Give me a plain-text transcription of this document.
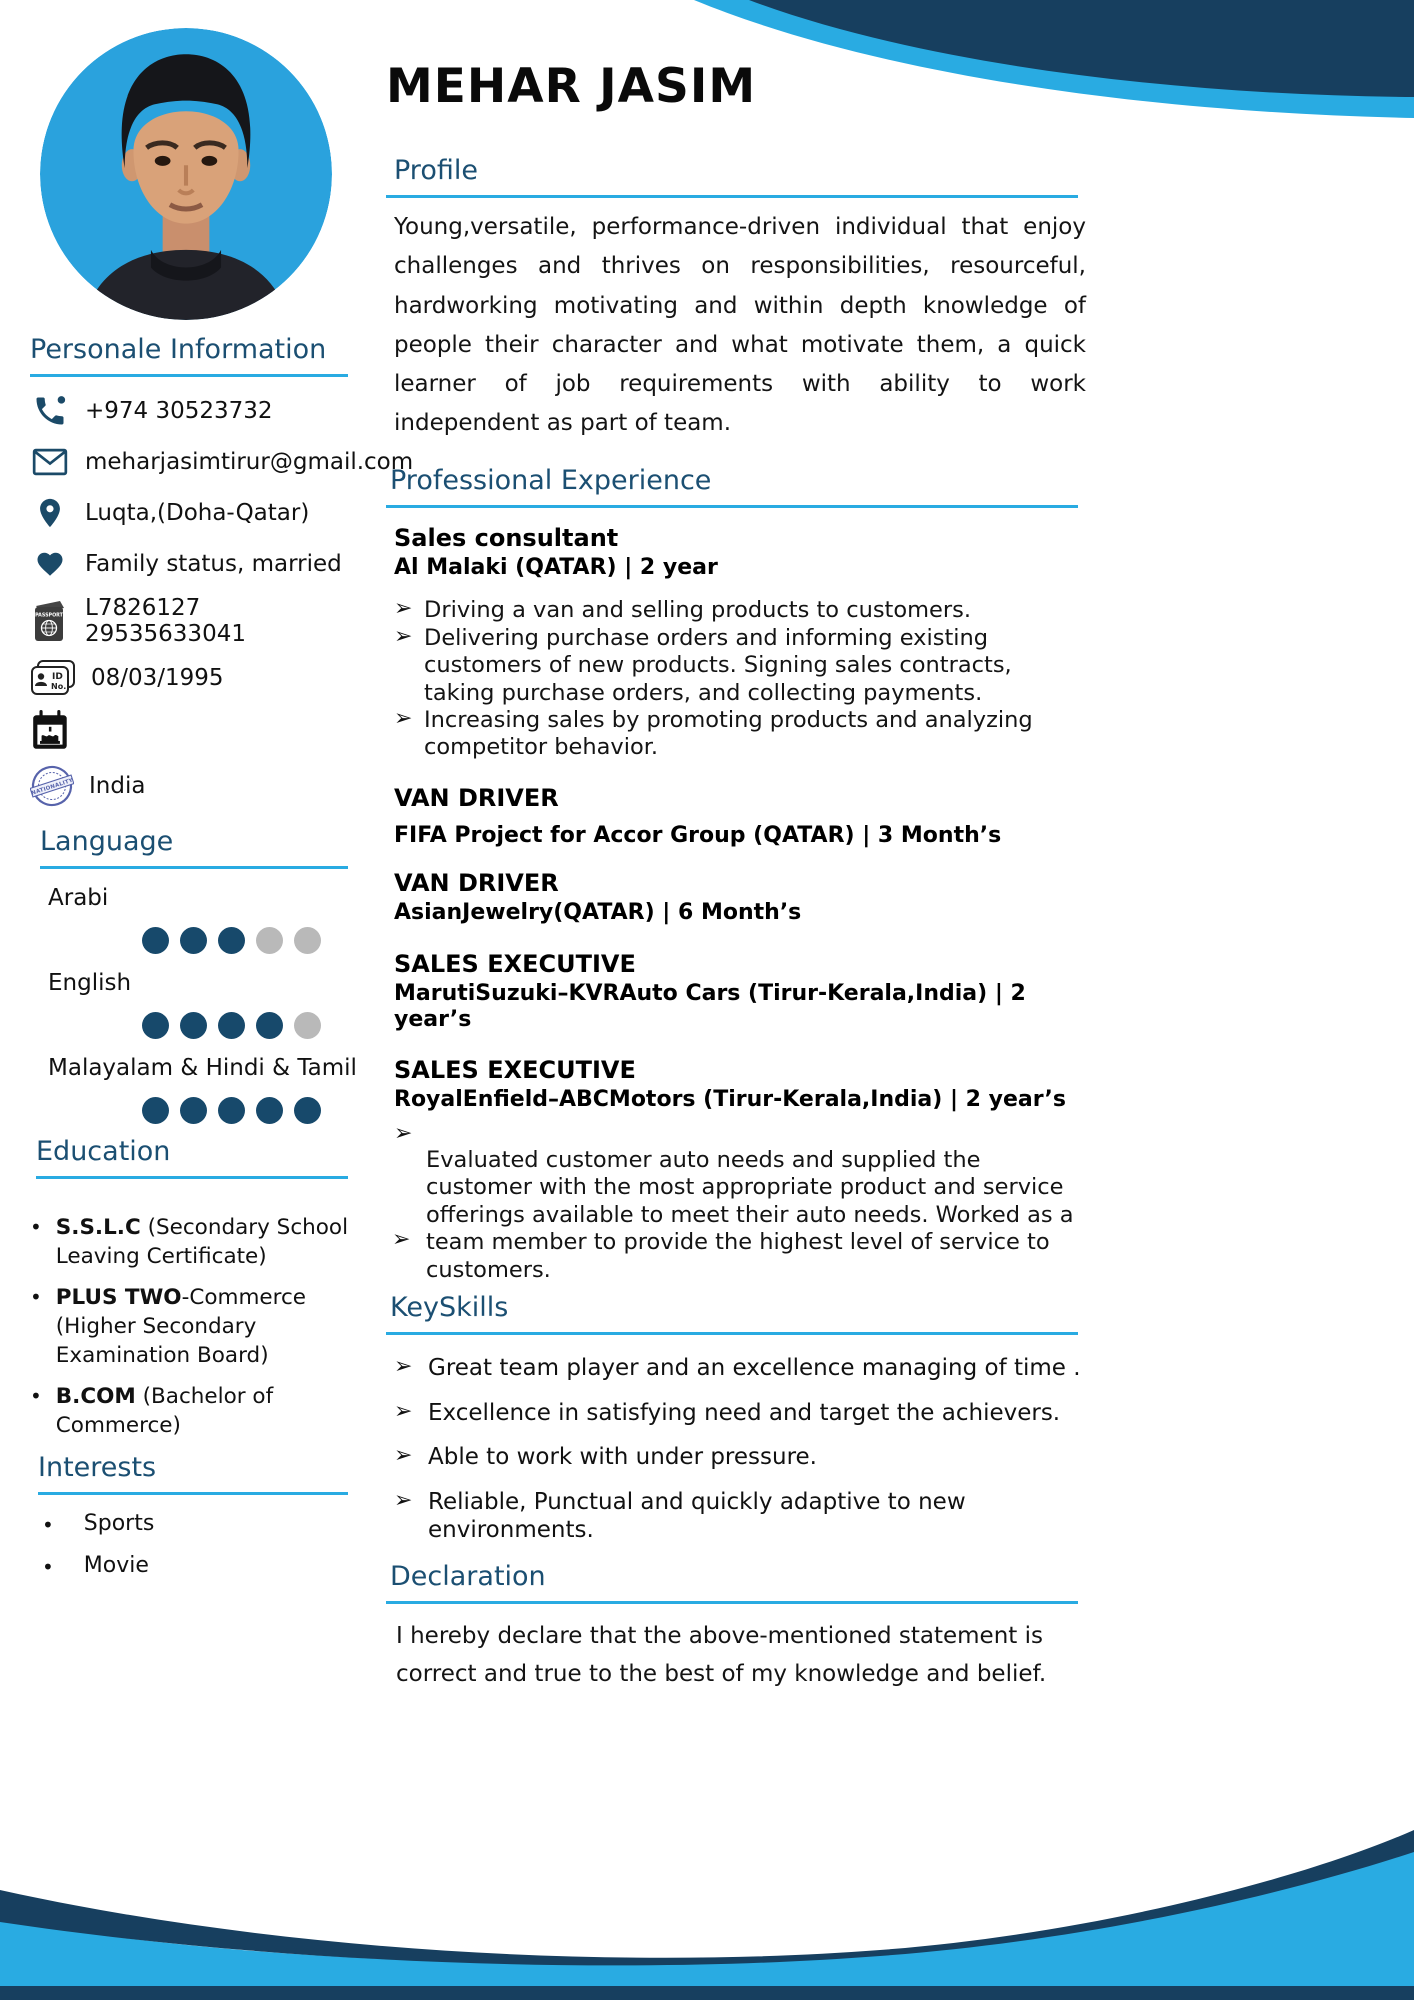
Personale Information
+974 30523732
meharjasimtirur@gmail.com
Luqta,(Doha-Qatar)
Family status, married
PASSPORT L7826127  29535633041
ID
No. 08/03/1995
NATIONALITY India
Language
Arabi
English
Malayalam & Hindi & Tamil
Education
• S.S.L.C (Secondary School Leaving Certificate)
• PLUS TWO-Commerce (Higher Secondary Examination Board)
• B.COM (Bachelor of Commerce)
Interests
• Sports
• Movie
MEHAR JASIM
Profile

Young,versatile, performance-driven individual that enjoy challenges and thrives on responsibilities, resourceful, hardworking motivating and within depth knowledge of people their character and what motivate them, a quick learner of job requirements with ability to work independent as part of team.

Professional Experience
Sales consultant
Al Malaki (QATAR) | 2 year
➢ Driving a van and selling products to customers.
➢ Delivering purchase orders and informing existing customers of new products. Signing sales contracts, taking purchase orders, and collecting payments.
➢ Increasing sales by promoting products and analyzing competitor behavior.
VAN DRIVER
FIFA Project for Accor Group (QATAR) | 3 Month’s
VAN DRIVER
AsianJewelry(QATAR) | 6 Month’s
SALES EXECUTIVE
MarutiSuzuki–KVRAuto Cars (Tirur-Kerala,India) | 2 year’s
SALES EXECUTIVE
RoyalEnfield–ABCMotors (Tirur-Kerala,India) | 2 year’s
➢
➢
Evaluated customer auto needs and supplied the customer with the most appropriate product and service offerings available to meet their auto needs. Worked as a team member to provide the highest level of service to customers.
KeySkills
➢ Great team player and an excellence managing of time .
➢ Excellence in satisfying need and target the achievers.
➢ Able to work with under pressure.
➢ Reliable, Punctual and quickly adaptive to new environments.
Declaration

I hereby declare that the above-mentioned statement is correct and true to the best of my knowledge and belief.
